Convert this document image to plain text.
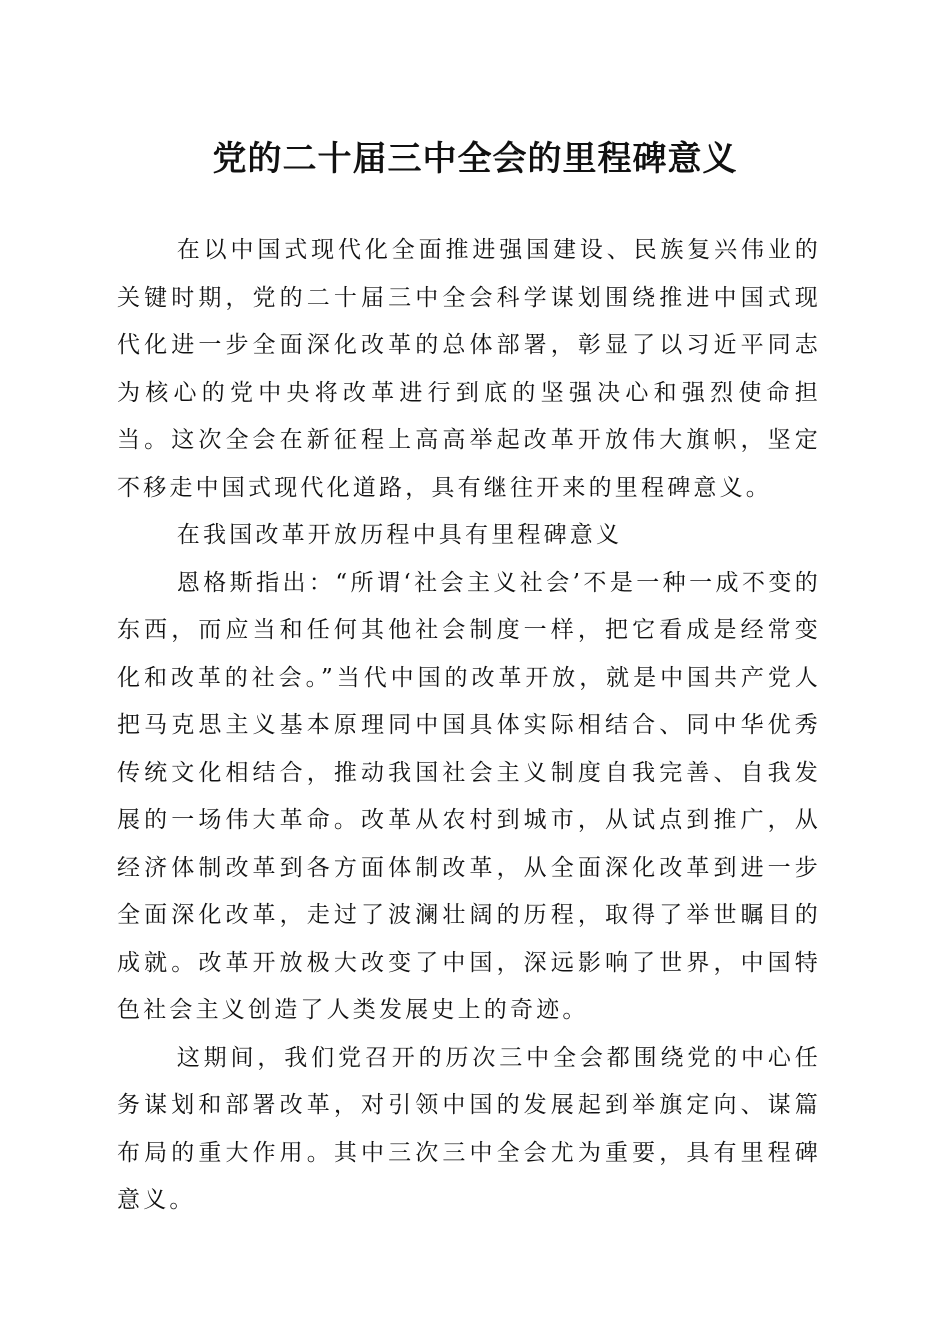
党的二十届三中全会的里程碑意义

在以中国式现代化全面推进强国建设、民族复兴伟业的关键时期，党的二十届三中全会科学谋划围绕推进中国式现代化进一步全面深化改革的总体部署，彰显了以习近平同志为核心的党中央将改革进行到底的坚强决心和强烈使命担当。这次全会在新征程上高高举起改革开放伟大旗帜，坚定不移走中国式现代化道路，具有继往开来的里程碑意义。

在我国改革开放历程中具有里程碑意义

恩格斯指出：“所谓‘社会主义社会’不是一种一成不变的东西，而应当和任何其他社会制度一样，把它看成是经常变化和改革的社会。”当代中国的改革开放，就是中国共产党人把马克思主义基本原理同中国具体实际相结合、同中华优秀传统文化相结合，推动我国社会主义制度自我完善、自我发展的一场伟大革命。改革从农村到城市，从试点到推广，从经济体制改革到各方面体制改革，从全面深化改革到进一步全面深化改革，走过了波澜壮阔的历程，取得了举世瞩目的成就。改革开放极大改变了中国，深远影响了世界，中国特色社会主义创造了人类发展史上的奇迹。

这期间，我们党召开的历次三中全会都围绕党的中心任务谋划和部署改革，对引领中国的发展起到举旗定向、谋篇布局的重大作用。其中三次三中全会尤为重要，具有里程碑意义。
